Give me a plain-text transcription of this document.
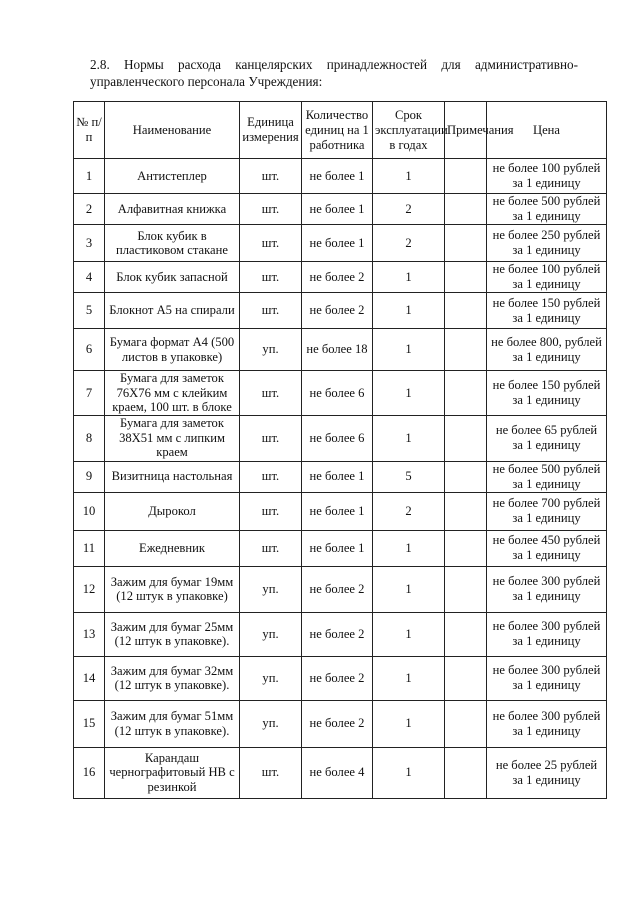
2.8. Нормы расхода канцелярских принадлежностей для административно-
управленческого персонала Учреждения:
№ п/п	Наименование	Единица измерения	Количество единиц на 1 работника	Срок эксплуатации в годах	Примечания	Цена
1	Антистеплер	шт.	не более 1	1		не более 100 рублей за 1 единицу
2	Алфавитная книжка	шт.	не более 1	2		не более 500 рублей за 1 единицу
3	Блок кубик в пластиковом стакане	шт.	не более 1	2		не более 250 рублей за 1 единицу
4	Блок кубик запасной	шт.	не более 2	1		не более 100 рублей за 1 единицу
5	Блокнот А5 на спирали	шт.	не более 2	1		не более 150 рублей за 1 единицу
6	Бумага формат А4 (500 листов в упаковке)	уп.	не более 18	1		не более 800, рублей за 1 единицу
7	Бумага для заметок 76Х76 мм с клейким краем, 100 шт. в блоке	шт.	не более 6	1		не более 150 рублей за 1 единицу
8	Бумага для заметок 38Х51 мм с липким краем	шт.	не более 6	1		не более 65 рублей за 1 единицу
9	Визитница настольная	шт.	не более 1	5		не более 500 рублей за 1 единицу
10	Дырокол	шт.	не более 1	2		не более 700 рублей за 1 единицу
11	Ежедневник	шт.	не более 1	1		не более 450 рублей за 1 единицу
12	Зажим для бумаг 19мм (12 штук в упаковке)	уп.	не более 2	1		не более 300 рублей за 1 единицу
13	Зажим для бумаг 25мм (12 штук в упаковке).	уп.	не более 2	1		не более 300 рублей за 1 единицу
14	Зажим для бумаг 32мм (12 штук в упаковке).	уп.	не более 2	1		не более 300 рублей за 1 единицу
15	Зажим для бумаг 51мм (12 штук в упаковке).	уп.	не более 2	1		не более 300 рублей за 1 единицу
16	Карандаш чернографитовый НВ с резинкой	шт.	не более 4	1		не более 25 рублей за 1 единицу
